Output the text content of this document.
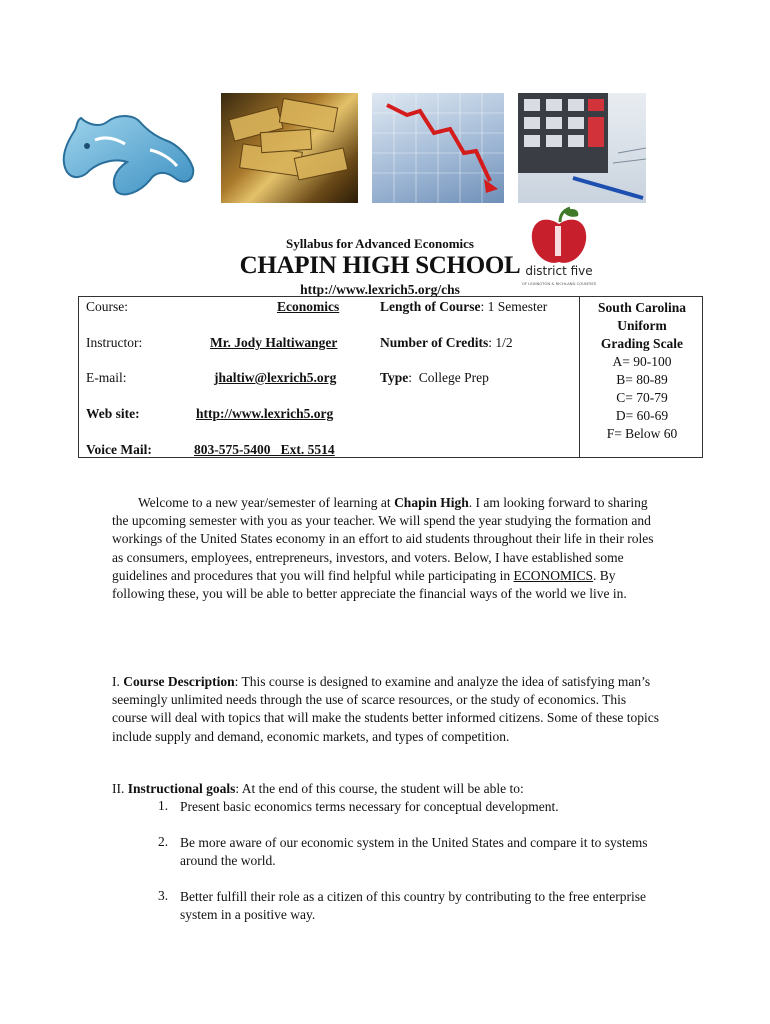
district five
OF LEXINGTON & RICHLAND COUNTIES
Syllabus for Advanced Economics
CHAPIN HIGH SCHOOL
http://www.lexrich5.org/chs
Course:	Economics
Instructor:	Mr. Jody Haltiwanger
E-mail:	jhaltiw@lexrich5.org
Web site:	http://www.lexrich5.org
Voice Mail:	803-575-5400   Ext. 5514
Length of Course: 1 Semester
Number of Credits: 1/2
Type:  College Prep
South Carolina
Uniform
Grading Scale
A= 90-100
B= 80-89
C= 70-79
D= 60-69
F= Below 60
Welcome to a new year/semester of learning at Chapin High. I am looking forward to sharing the upcoming semester with you as your teacher. We will spend the year studying the formation and workings of the United States economy in an effort to aid students throughout their life in their roles as consumers, employees, entrepreneurs, investors, and voters. Below, I have established some guidelines and procedures that you will find helpful while participating in ECONOMICS. By following these, you will be able to better appreciate the financial ways of the world we live in.
I. Course Description: This course is designed to examine and analyze the idea of satisfying man’s seemingly unlimited needs through the use of scarce resources, or the study of economics. This course will deal with topics that will make the students better informed citizens. Some of these topics include supply and demand, economic markets, and types of competition.
II. Instructional goals: At the end of this course, the student will be able to:
1. Present basic economics terms necessary for conceptual development.
2. Be more aware of our economic system in the United States and compare it to systems around the world.
3. Better fulfill their role as a citizen of this country by contributing to the free enterprise system in a positive way.
